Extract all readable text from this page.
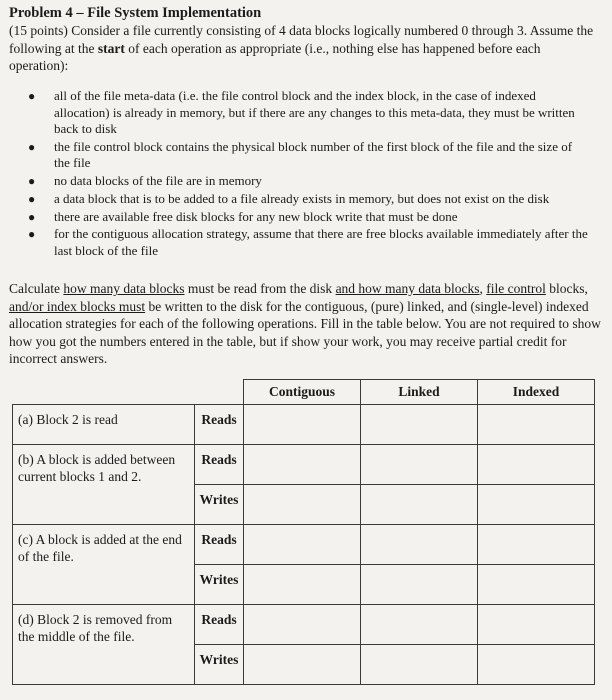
Problem 4 – File System Implementation
(15 points) Consider a file currently consisting of 4 data blocks logically numbered 0 through 3. Assume the following at the start of each operation as appropriate (i.e., nothing else has happened before each operation):
● all of the file meta-data (i.e. the file control block and the index block, in the case of indexed allocation) is already in memory, but if there are any changes to this meta-data, they must be written back to disk
● the file control block contains the physical block number of the first block of the file and the size of the file
● no data blocks of the file are in memory
● a data block that is to be added to a file already exists in memory, but does not exist on the disk
● there are available free disk blocks for any new block write that must be done
● for the contiguous allocation strategy, assume that there are free blocks available immediately after the last block of the file
Calculate how many data blocks must be read from the disk and how many data blocks, file control blocks, and/or index blocks must be written to the disk for the contiguous, (pure) linked, and (single-level) indexed allocation strategies for each of the following operations. Fill in the table below. You are not required to show how you got the numbers entered in the table, but if show your work, you may receive partial credit for incorrect answers.
		Contiguous	Linked	Indexed
(a) Block 2 is read	Reads			
(b) A block is added between current blocks 1 and 2.	Reads			
	Writes			
(c) A block is added at the end of the file.	Reads			
	Writes			
(d) Block 2 is removed from the middle of the file.	Reads			
	Writes			
